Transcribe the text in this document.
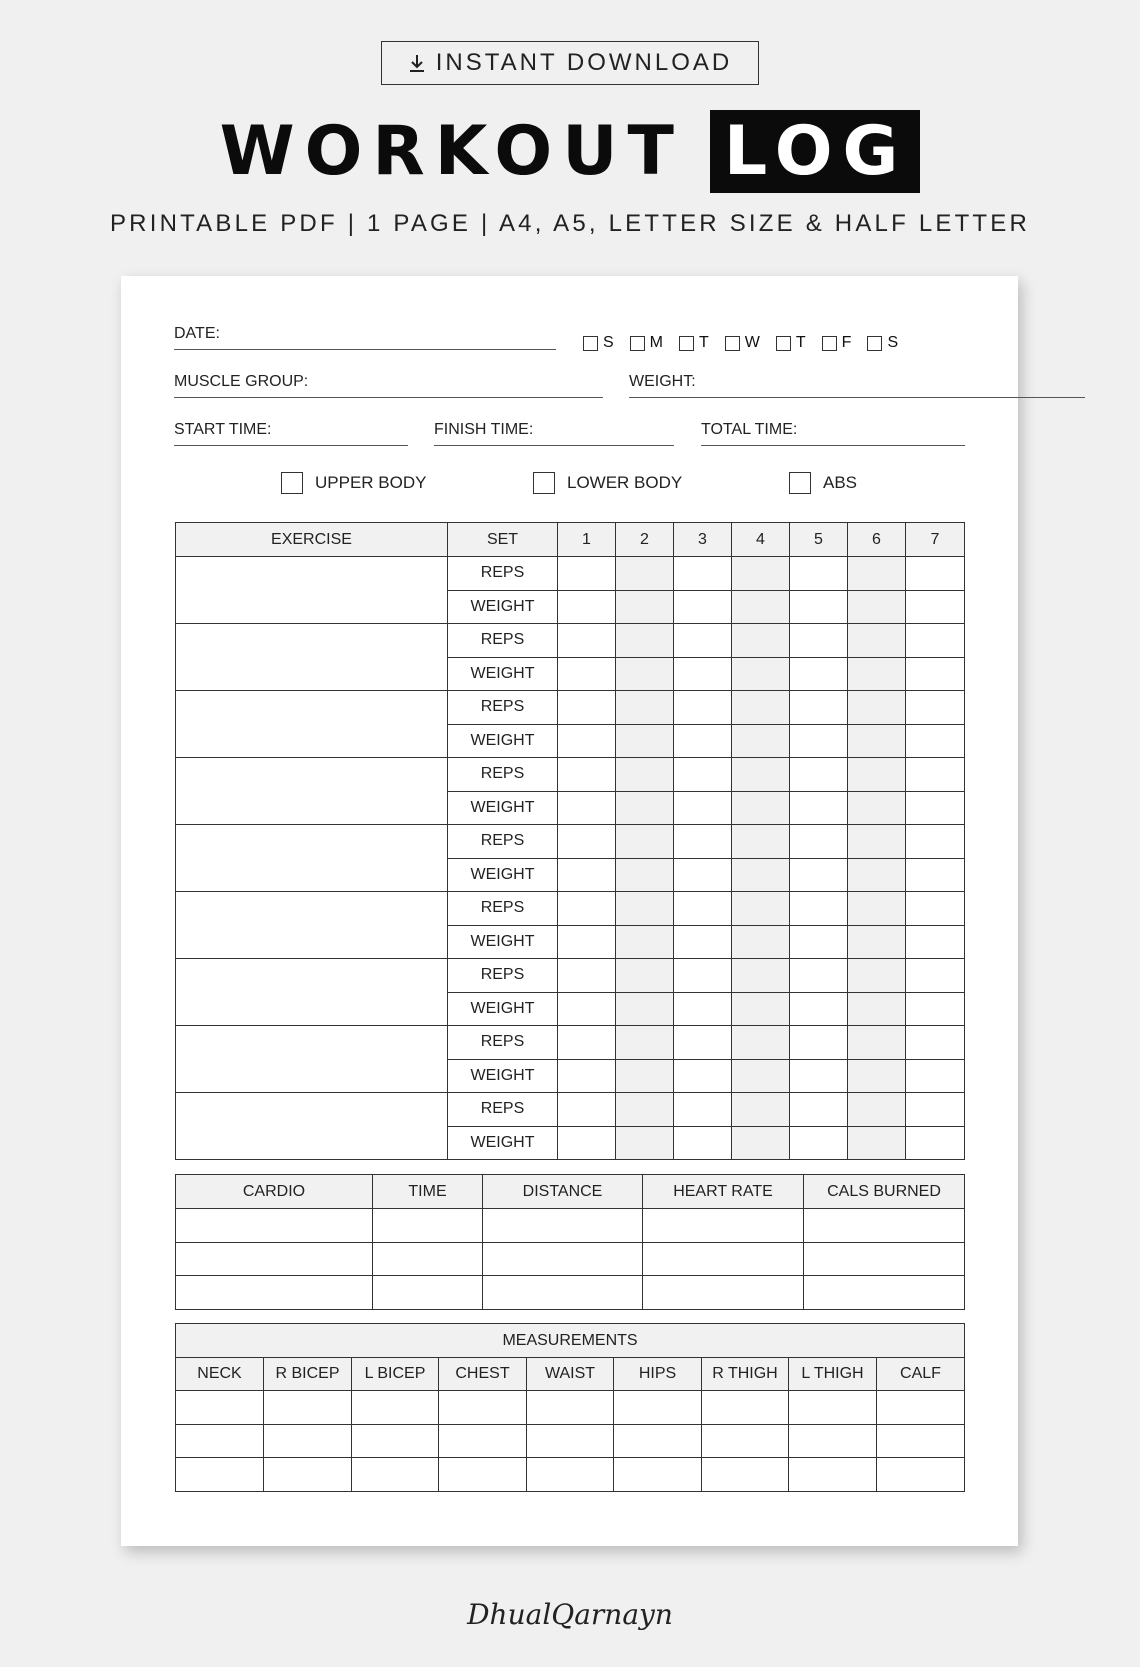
INSTANT DOWNLOAD
WORKOUT LOG
PRINTABLE PDF | 1 PAGE | A4, A5, LETTER SIZE & HALF LETTER
DATE:
S M T W T F S
MUSCLE GROUP:	WEIGHT:
START TIME:	FINISH TIME:	TOTAL TIME:
UPPER BODY	LOWER BODY	ABS
EXERCISE	SET	1	2	3	4	5	6	7
	REPS							
	WEIGHT							
	REPS							
	WEIGHT							
	REPS							
	WEIGHT							
	REPS							
	WEIGHT							
	REPS							
	WEIGHT							
	REPS							
	WEIGHT							
	REPS							
	WEIGHT							
	REPS							
	WEIGHT							
	REPS							
	WEIGHT							
CARDIO	TIME	DISTANCE	HEART RATE	CALS BURNED

MEASUREMENTS								
NECK	R BICEP	L BICEP	CHEST	WAIST	HIPS	R THIGH	L THIGH	CALF

DhualQarnayn
